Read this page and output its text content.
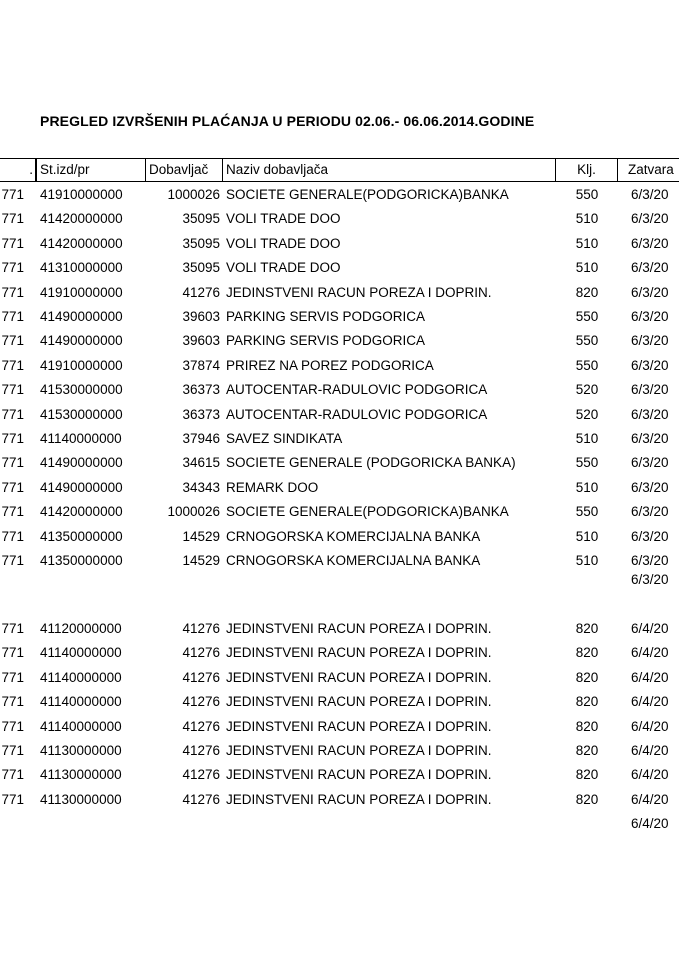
PREGLED IZVRŠENIH PLAĆANJA U PERIODU 02.06.- 06.06.2014.GODINE
. St.izd/pr	Dobavljač	Naziv dobavljača	Klj.	Zatvara
771 41910000000	1000026 SOCIETE GENERALE(PODGORICKA)BANKA	550 6/3/20
771 41420000000	35095 VOLI TRADE DOO	510 6/3/20
771 41420000000	35095 VOLI TRADE DOO	510 6/3/20
771 41310000000	35095 VOLI TRADE DOO	510 6/3/20
771 41910000000	41276 JEDINSTVENI RACUN POREZA I DOPRIN.	820 6/3/20
771 41490000000	39603 PARKING SERVIS PODGORICA	550 6/3/20
771 41490000000	39603 PARKING SERVIS PODGORICA	550 6/3/20
771 41910000000	37874 PRIREZ NA POREZ PODGORICA	550 6/3/20
771 41530000000	36373 AUTOCENTAR-RADULOVIC PODGORICA	520 6/3/20
771 41530000000	36373 AUTOCENTAR-RADULOVIC PODGORICA	520 6/3/20
771 41140000000	37946 SAVEZ SINDIKATA	510 6/3/20
771 41490000000	34615 SOCIETE GENERALE (PODGORICKA BANKA)	550 6/3/20
771 41490000000	34343 REMARK DOO	510 6/3/20
771 41420000000	1000026 SOCIETE GENERALE(PODGORICKA)BANKA	550 6/3/20
771 41350000000	14529 CRNOGORSKA KOMERCIJALNA BANKA	510 6/3/20
771 41350000000	14529 CRNOGORSKA KOMERCIJALNA BANKA	510 6/3/20
6/3/20
771 41120000000	41276 JEDINSTVENI RACUN POREZA I DOPRIN.	820 6/4/20
771 41140000000	41276 JEDINSTVENI RACUN POREZA I DOPRIN.	820 6/4/20
771 41140000000	41276 JEDINSTVENI RACUN POREZA I DOPRIN.	820 6/4/20
771 41140000000	41276 JEDINSTVENI RACUN POREZA I DOPRIN.	820 6/4/20
771 41140000000	41276 JEDINSTVENI RACUN POREZA I DOPRIN.	820 6/4/20
771 41130000000	41276 JEDINSTVENI RACUN POREZA I DOPRIN.	820 6/4/20
771 41130000000	41276 JEDINSTVENI RACUN POREZA I DOPRIN.	820 6/4/20
771 41130000000	41276 JEDINSTVENI RACUN POREZA I DOPRIN.	820 6/4/20
6/4/20
